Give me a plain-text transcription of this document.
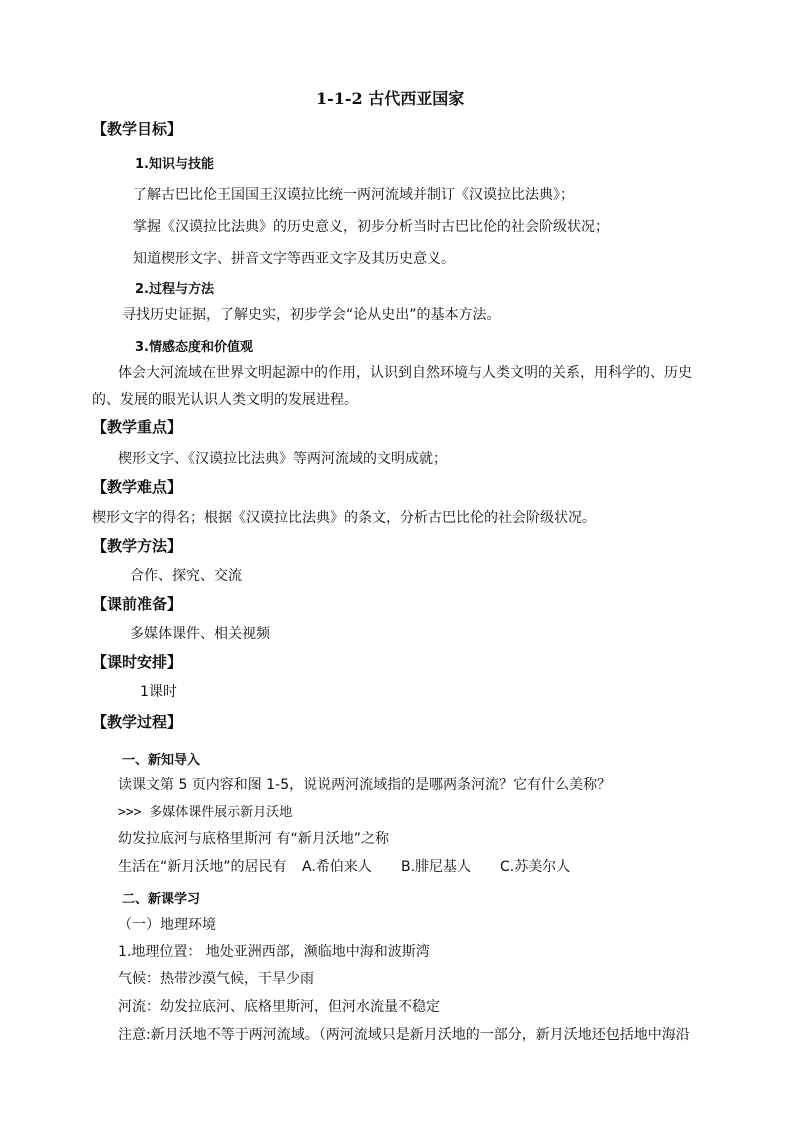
1-1-2 古代西亚国家
【教学目标】
1.知识与技能
了解古巴比伦王国国王汉谟拉比统一两河流域并制订《汉谟拉比法典》；
掌握《汉谟拉比法典》的历史意义，初步分析当时古巴比伦的社会阶级状况；
知道楔形文字、拼音文字等西亚文字及其历史意义。
2.过程与方法
寻找历史证据，了解史实，初步学会“论从史出”的基本方法。
3.情感态度和价值观
体会大河流域在世界文明起源中的作用，认识到自然环境与人类文明的关系，用科学的、历史
的、发展的眼光认识人类文明的发展进程。
【教学重点】
楔形文字、《汉谟拉比法典》等两河流域的文明成就；
【教学难点】
楔形文字的得名；根据《汉谟拉比法典》的条文，分析古巴比伦的社会阶级状况。
【教学方法】
合作、探究、交流
【课前准备】
多媒体课件、相关视频
【课时安排】
1课时
【教学过程】
一、新知导入
读课文第 5 页内容和图 1-5，说说两河流域指的是哪两条河流？它有什么美称？
>>> 多媒体课件展示新月沃地
幼发拉底河与底格里斯河 有“新月沃地”之称
生活在“新月沃地”的居民有 A.希伯来人 B.腓尼基人 C.苏美尔人
二、新课学习
（一）地理环境
1.地理位置： 地处亚洲西部，濒临地中海和波斯湾
气候：热带沙漠气候，干旱少雨
河流：幼发拉底河、底格里斯河，但河水流量不稳定
注意:新月沃地不等于两河流域。（两河流域只是新月沃地的一部分，新月沃地还包括地中海沿
